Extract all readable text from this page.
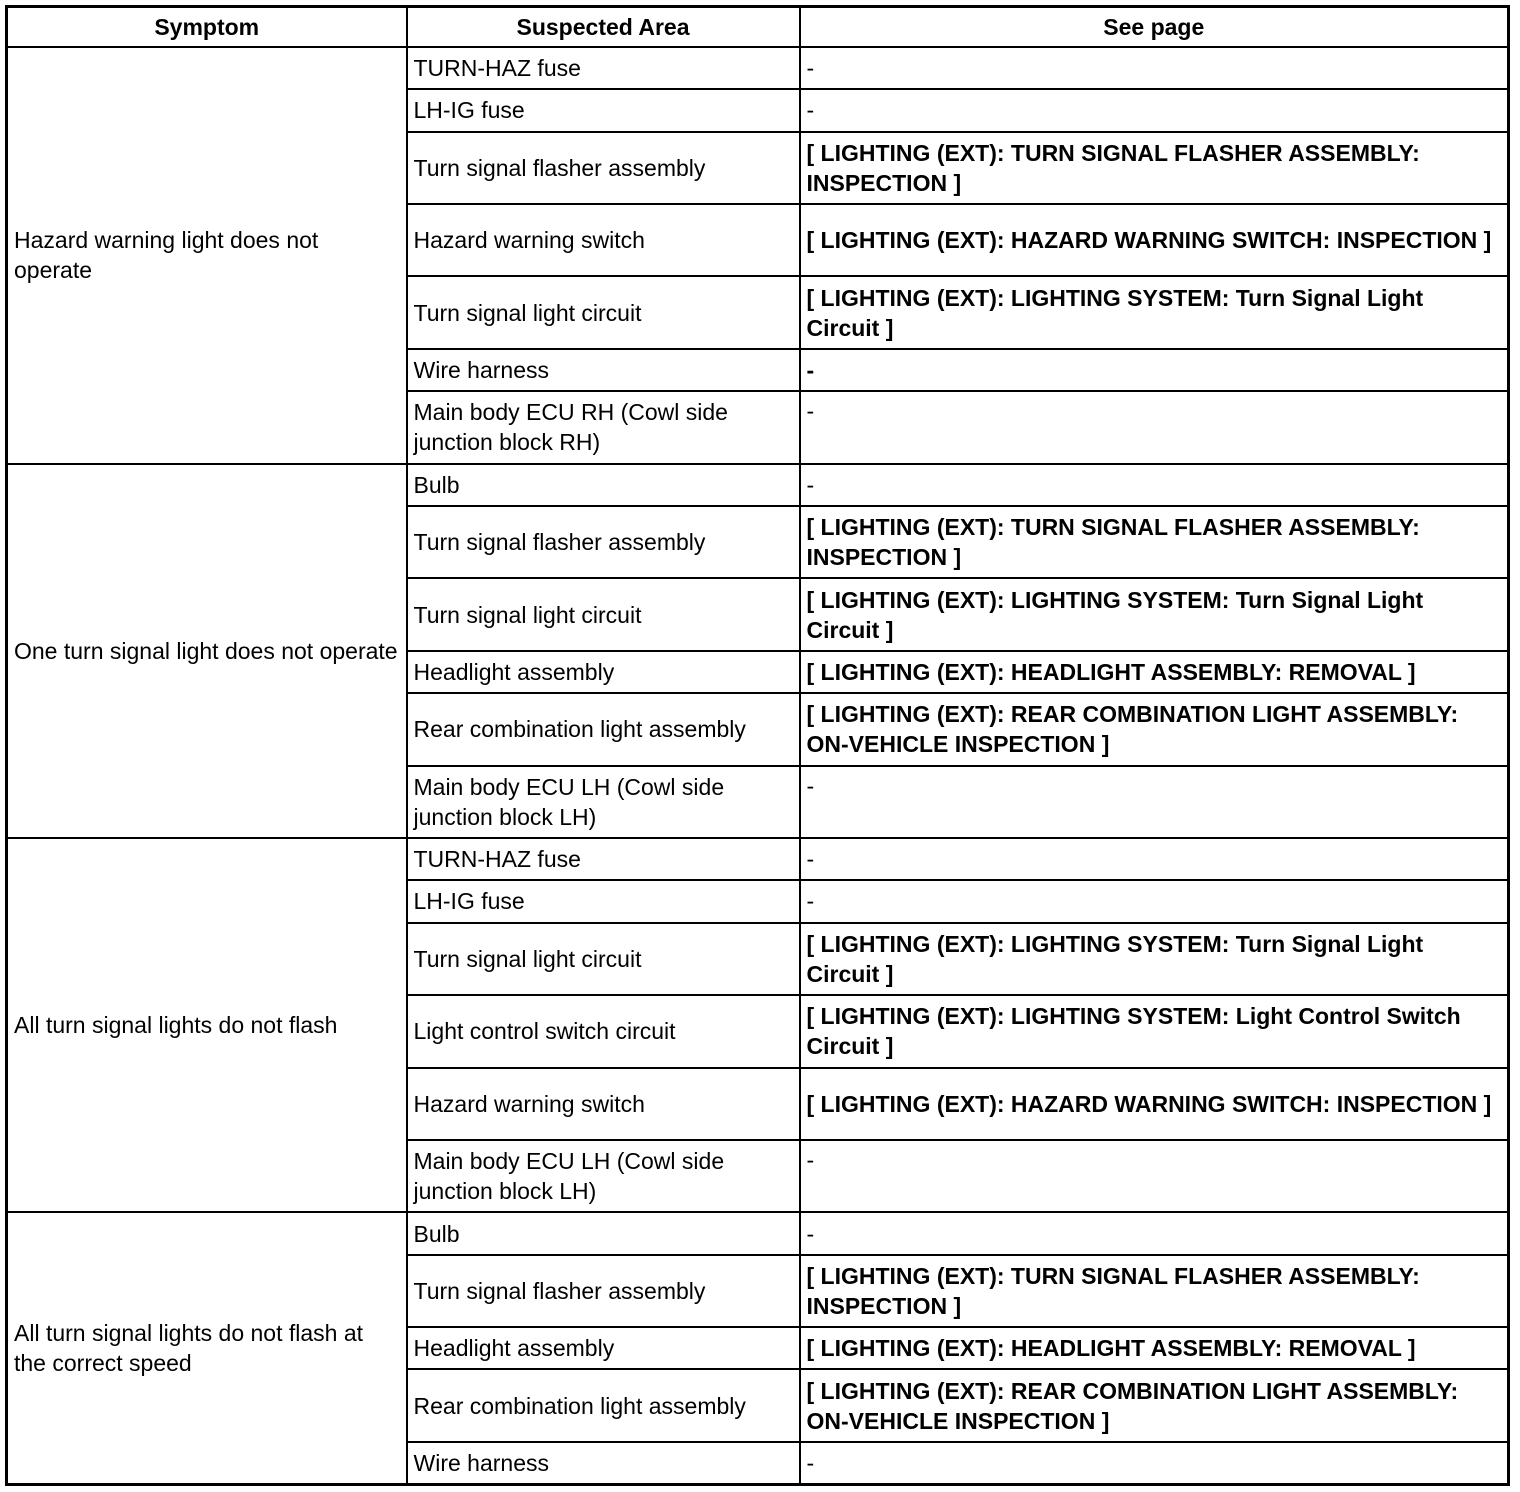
Symptom	Suspected Area	See page
Hazard warning light does not operate	TURN-HAZ fuse	-
	LH-IG fuse	-
	Turn signal flasher assembly	[ LIGHTING (EXT): TURN SIGNAL FLASHER ASSEMBLY: INSPECTION ]
	Hazard warning switch	[ LIGHTING (EXT): HAZARD WARNING SWITCH: INSPECTION ]
	Turn signal light circuit	[ LIGHTING (EXT): LIGHTING SYSTEM: Turn Signal Light Circuit ]
	Wire harness	-
	Main body ECU RH (Cowl side junction block RH)	-
One turn signal light does not operate	Bulb	-
	Turn signal flasher assembly	[ LIGHTING (EXT): TURN SIGNAL FLASHER ASSEMBLY: INSPECTION ]
	Turn signal light circuit	[ LIGHTING (EXT): LIGHTING SYSTEM: Turn Signal Light Circuit ]
	Headlight assembly	[ LIGHTING (EXT): HEADLIGHT ASSEMBLY: REMOVAL ]
	Rear combination light assembly	[ LIGHTING (EXT): REAR COMBINATION LIGHT ASSEMBLY: ON-VEHICLE INSPECTION ]
	Main body ECU LH (Cowl side junction block LH)	-
All turn signal lights do not flash	TURN-HAZ fuse	-
	LH-IG fuse	-
	Turn signal light circuit	[ LIGHTING (EXT): LIGHTING SYSTEM: Turn Signal Light Circuit ]
	Light control switch circuit	[ LIGHTING (EXT): LIGHTING SYSTEM: Light Control Switch Circuit ]
	Hazard warning switch	[ LIGHTING (EXT): HAZARD WARNING SWITCH: INSPECTION ]
	Main body ECU LH (Cowl side junction block LH)	-
All turn signal lights do not flash at the correct speed	Bulb	-
	Turn signal flasher assembly	[ LIGHTING (EXT): TURN SIGNAL FLASHER ASSEMBLY: INSPECTION ]
	Headlight assembly	[ LIGHTING (EXT): HEADLIGHT ASSEMBLY: REMOVAL ]
	Rear combination light assembly	[ LIGHTING (EXT): REAR COMBINATION LIGHT ASSEMBLY: ON-VEHICLE INSPECTION ]
	Wire harness	-
